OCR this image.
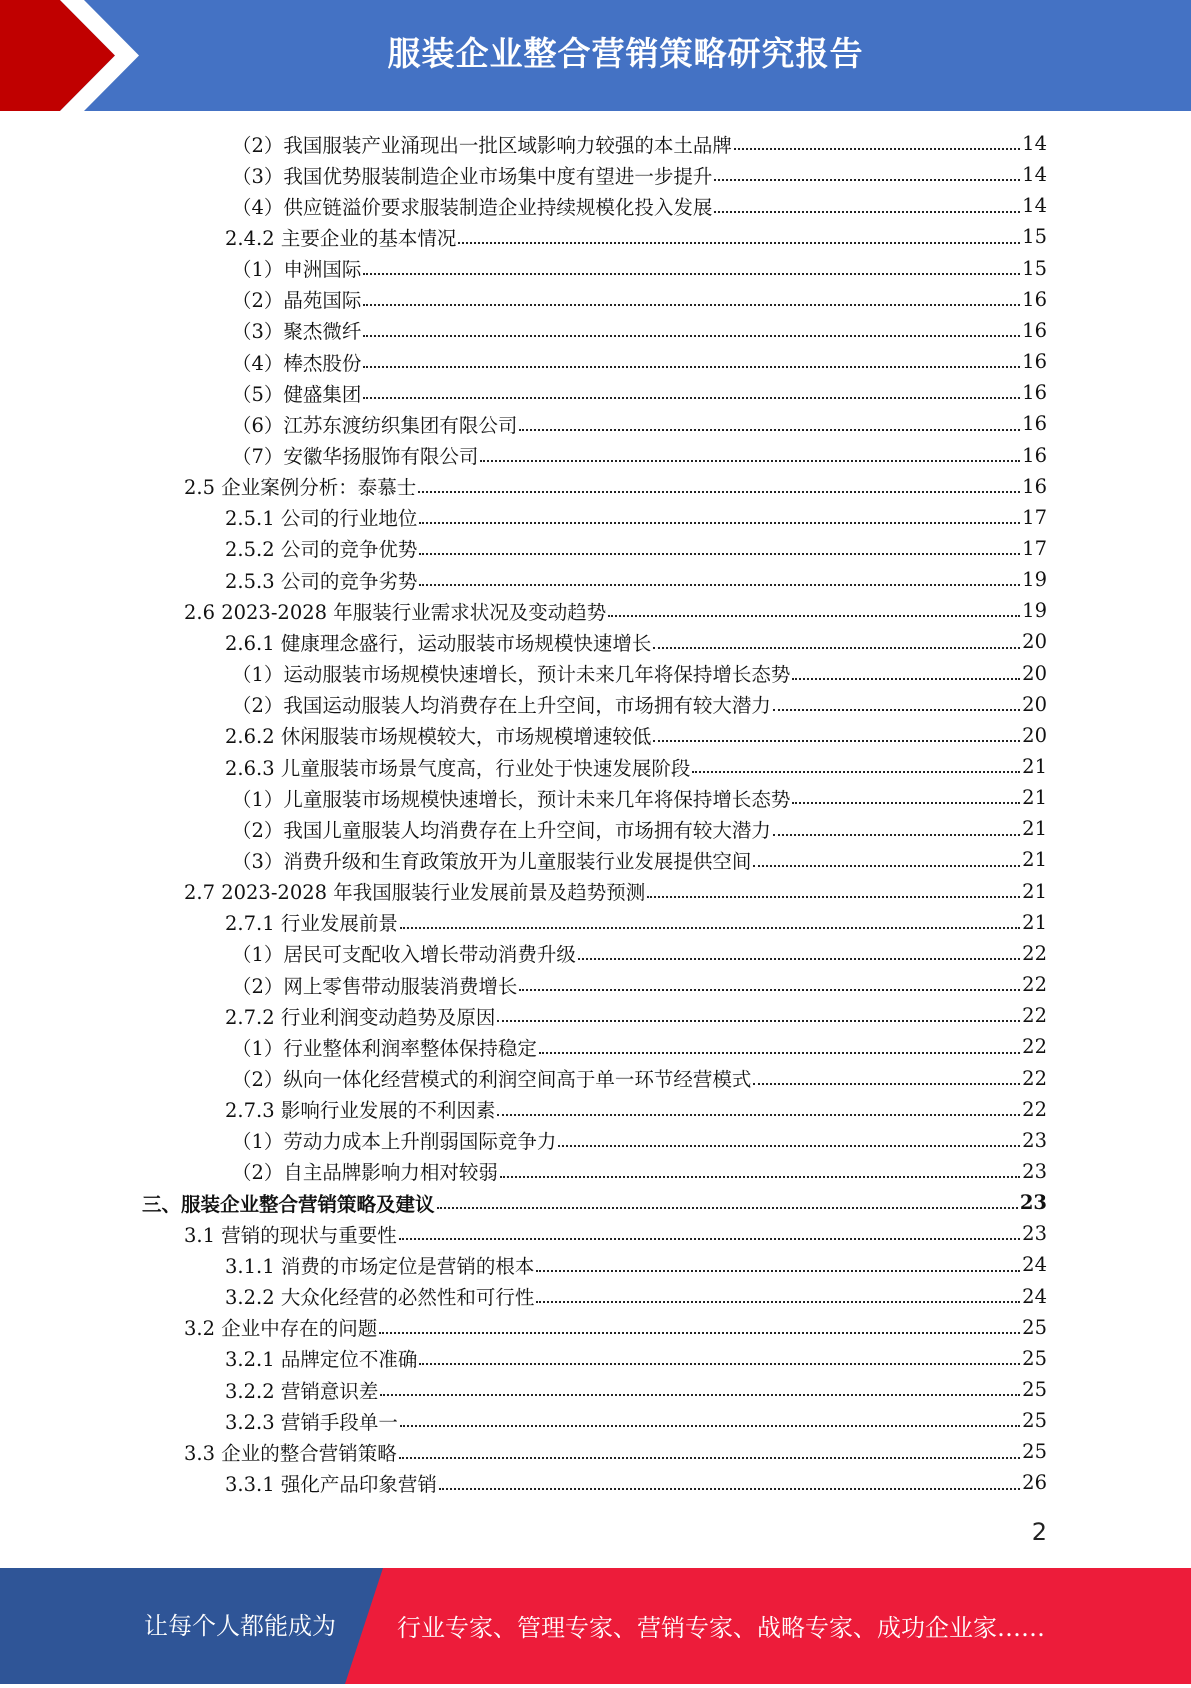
服装企业整合营销策略研究报告
（2）我国服装产业涌现出一批区域影响力较强的本土品牌	14
（3）我国优势服装制造企业市场集中度有望进一步提升	14
（4）供应链溢价要求服装制造企业持续规模化投入发展	14
2.4.2 主要企业的基本情况	15
（1）申洲国际	15
（2）晶苑国际	16
（3）聚杰微纤	16
（4）棒杰股份	16
（5）健盛集团	16
（6）江苏东渡纺织集团有限公司	16
（7）安徽华扬服饰有限公司	16
2.5 企业案例分析：泰慕士	16
2.5.1 公司的行业地位	17
2.5.2 公司的竞争优势	17
2.5.3 公司的竞争劣势	19
2.6 2023-2028 年服装行业需求状况及变动趋势	19
2.6.1 健康理念盛行，运动服装市场规模快速增长	20
（1）运动服装市场规模快速增长，预计未来几年将保持增长态势	20
（2）我国运动服装人均消费存在上升空间，市场拥有较大潜力	20
2.6.2 休闲服装市场规模较大，市场规模增速较低	20
2.6.3 儿童服装市场景气度高，行业处于快速发展阶段	21
（1）儿童服装市场规模快速增长，预计未来几年将保持增长态势	21
（2）我国儿童服装人均消费存在上升空间，市场拥有较大潜力	21
（3）消费升级和生育政策放开为儿童服装行业发展提供空间	21
2.7 2023-2028 年我国服装行业发展前景及趋势预测	21
2.7.1 行业发展前景	21
（1）居民可支配收入增长带动消费升级	22
（2）网上零售带动服装消费增长	22
2.7.2 行业利润变动趋势及原因	22
（1）行业整体利润率整体保持稳定	22
（2）纵向一体化经营模式的利润空间高于单一环节经营模式	22
2.7.3 影响行业发展的不利因素	22
（1）劳动力成本上升削弱国际竞争力	23
（2）自主品牌影响力相对较弱	23
三、服装企业整合营销策略及建议	23
3.1 营销的现状与重要性	23
3.1.1 消费的市场定位是营销的根本	24
3.2.2 大众化经营的必然性和可行性	24
3.2 企业中存在的问题	25
3.2.1 品牌定位不准确	25
3.2.2 营销意识差	25
3.2.3 营销手段单一	25
3.3 企业的整合营销策略	25
3.3.1 强化产品印象营销	26
2
让每个人都能成为	行业专家、管理专家、营销专家、战略专家、成功企业家……
